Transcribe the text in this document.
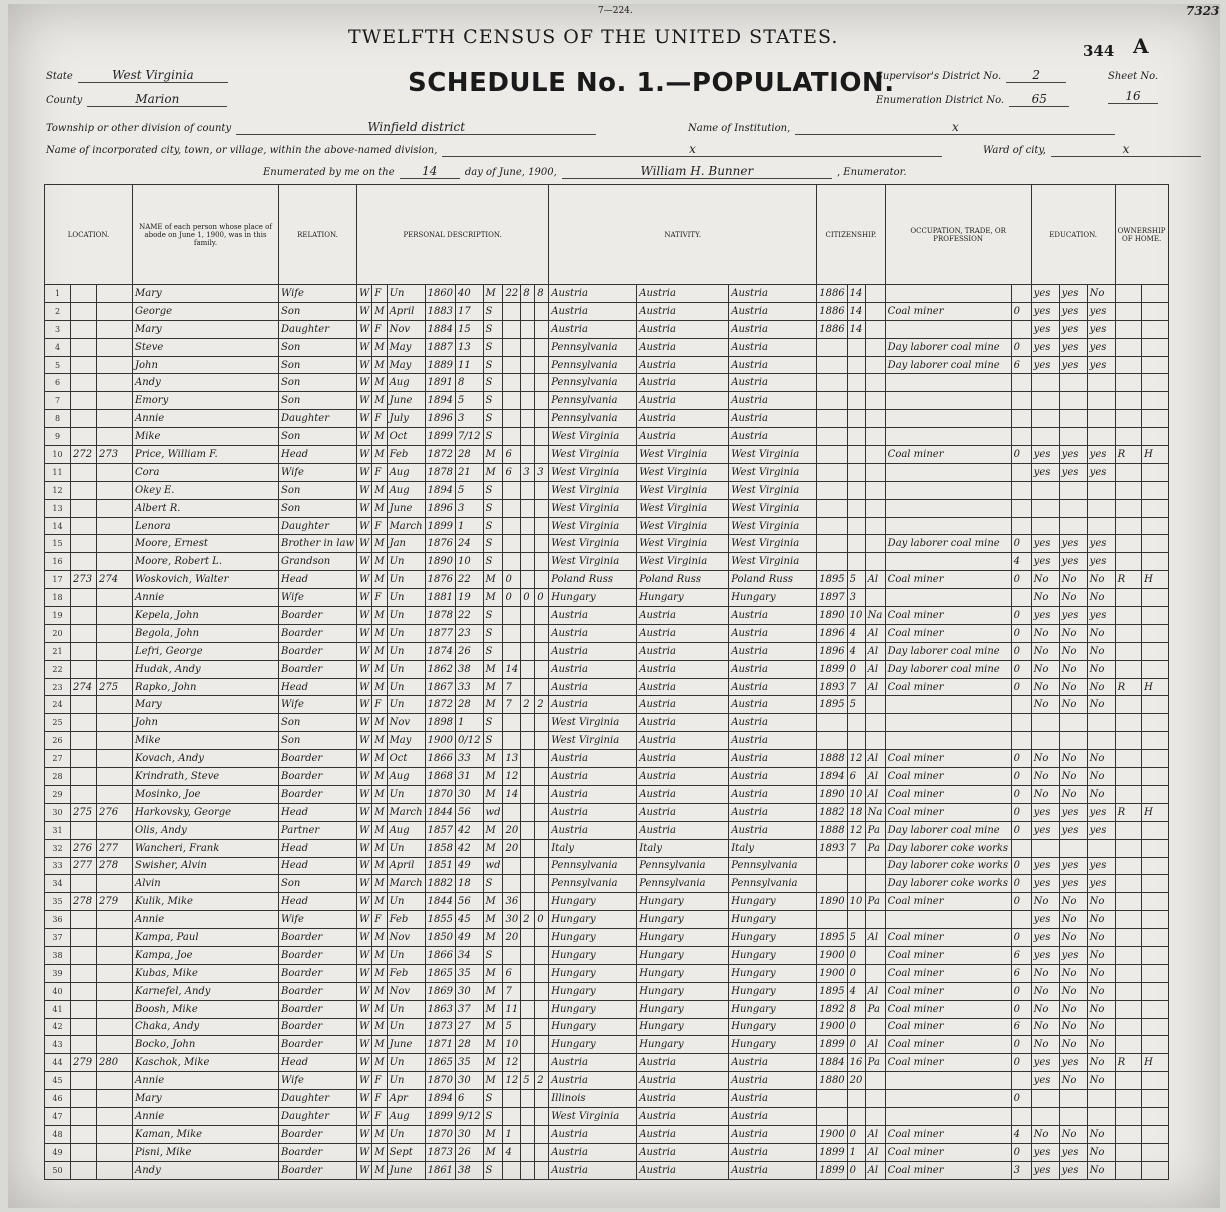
7—224.	7323
TWELFTH CENSUS OF THE UNITED STATES.
SCHEDULE No. 1.—POPULATION.
344 A
State	West Virginia
County	Marion
Supervisor's District No.	2
Enumeration District No. 65
Sheet No.
16
Township or other division of county	Winfield district	Name of Institution,	x
Name of incorporated city, town, or village, within the above-named division,	x	Ward of city,	x
Enumerated by me on the 14	day of June, 1900,	William H. Bunner	, Enumerator.
LOCATION.			NAME of each person whose place of abode on June 1, 1900, was in this family.	RELATION.	PERSONAL DESCRIPTION.									NATIVITY.			CITIZENSHIP.			OCCUPATION, TRADE, OR PROFESSION		EDUCATION.			OWNERSHIP OF HOME.	
1			Mary	Wife	W	F	Un	1860	40	M	22	8	8	Austria	Austria	Austria	1886	14				yes	yes	No		
2			George	Son	W	M	April	1883	17	S				Austria	Austria	Austria	1886	14		Coal miner	0	yes	yes	yes		
3			Mary	Daughter	W	F	Nov	1884	15	S				Austria	Austria	Austria	1886	14				yes	yes	yes		
4			Steve	Son	W	M	May	1887	13	S				Pennsylvania	Austria	Austria				Day laborer coal mine	0	yes	yes	yes		
5			John	Son	W	M	May	1889	11	S				Pennsylvania	Austria	Austria				Day laborer coal mine	6	yes	yes	yes		
6			Andy	Son	W	M	Aug	1891	8	S				Pennsylvania	Austria	Austria										
7			Emory	Son	W	M	June	1894	5	S				Pennsylvania	Austria	Austria										
8			Annie	Daughter	W	F	July	1896	3	S				Pennsylvania	Austria	Austria										
9			Mike	Son	W	M	Oct	1899	7/12	S				West Virginia	Austria	Austria										
10	272	273	Price, William F.	Head	W	M	Feb	1872	28	M	6			West Virginia	West Virginia	West Virginia				Coal miner	0	yes	yes	yes	R	H
11			Cora	Wife	W	F	Aug	1878	21	M	6	3	3	West Virginia	West Virginia	West Virginia						yes	yes	yes		
12			Okey E.	Son	W	M	Aug	1894	5	S				West Virginia	West Virginia	West Virginia										
13			Albert R.	Son	W	M	June	1896	3	S				West Virginia	West Virginia	West Virginia										
14			Lenora	Daughter	W	F	March	1899	1	S				West Virginia	West Virginia	West Virginia										
15			Moore, Ernest	Brother in law	W	M	Jan	1876	24	S				West Virginia	West Virginia	West Virginia				Day laborer coal mine	0	yes	yes	yes		
16			Moore, Robert L.	Grandson	W	M	Un	1890	10	S				West Virginia	West Virginia	West Virginia					4	yes	yes	yes		
17	273	274	Woskovich, Walter	Head	W	M	Un	1876	22	M	0			Poland Russ	Poland Russ	Poland Russ	1895	5	Al	Coal miner	0	No	No	No	R	H
18			Annie	Wife	W	F	Un	1881	19	M	0	0	0	Hungary	Hungary	Hungary	1897	3				No	No	No		
19			Kepela, John	Boarder	W	M	Un	1878	22	S				Austria	Austria	Austria	1890	10	Na	Coal miner	0	yes	yes	yes		
20			Begola, John	Boarder	W	M	Un	1877	23	S				Austria	Austria	Austria	1896	4	Al	Coal miner	0	No	No	No		
21			Lefri, George	Boarder	W	M	Un	1874	26	S				Austria	Austria	Austria	1896	4	Al	Day laborer coal mine	0	No	No	No		
22			Hudak, Andy	Boarder	W	M	Un	1862	38	M	14			Austria	Austria	Austria	1899	0	Al	Day laborer coal mine	0	No	No	No		
23	274	275	Rapko, John	Head	W	M	Un	1867	33	M	7			Austria	Austria	Austria	1893	7	Al	Coal miner	0	No	No	No	R	H
24			Mary	Wife	W	F	Un	1872	28	M	7	2	2	Austria	Austria	Austria	1895	5				No	No	No		
25			John	Son	W	M	Nov	1898	1	S				West Virginia	Austria	Austria										
26			Mike	Son	W	M	May	1900	0/12	S				West Virginia	Austria	Austria										
27			Kovach, Andy	Boarder	W	M	Oct	1866	33	M	13			Austria	Austria	Austria	1888	12	Al	Coal miner	0	No	No	No		
28			Krindrath, Steve	Boarder	W	M	Aug	1868	31	M	12			Austria	Austria	Austria	1894	6	Al	Coal miner	0	No	No	No		
29			Mosinko, Joe	Boarder	W	M	Un	1870	30	M	14			Austria	Austria	Austria	1890	10	Al	Coal miner	0	No	No	No		
30	275	276	Harkovsky, George	Head	W	M	March	1844	56	wd				Austria	Austria	Austria	1882	18	Na	Coal miner	0	yes	yes	yes	R	H
31			Olis, Andy	Partner	W	M	Aug	1857	42	M	20			Austria	Austria	Austria	1888	12	Pa	Day laborer coal mine	0	yes	yes	yes		
32	276	277	Wancheri, Frank	Head	W	M	Un	1858	42	M	20			Italy	Italy	Italy	1893	7	Pa	Day laborer coke works						
33	277	278	Swisher, Alvin	Head	W	M	April	1851	49	wd				Pennsylvania	Pennsylvania	Pennsylvania				Day laborer coke works	0	yes	yes	yes		
34			Alvin	Son	W	M	March	1882	18	S				Pennsylvania	Pennsylvania	Pennsylvania				Day laborer coke works	0	yes	yes	yes		
35	278	279	Kulik, Mike	Head	W	M	Un	1844	56	M	36			Hungary	Hungary	Hungary	1890	10	Pa	Coal miner	0	No	No	No		
36			Annie	Wife	W	F	Feb	1855	45	M	30	2	0	Hungary	Hungary	Hungary						yes	No	No		
37			Kampa, Paul	Boarder	W	M	Nov	1850	49	M	20			Hungary	Hungary	Hungary	1895	5	Al	Coal miner	0	yes	No	No		
38			Kampa, Joe	Boarder	W	M	Un	1866	34	S				Hungary	Hungary	Hungary	1900	0		Coal miner	6	yes	yes	No		
39			Kubas, Mike	Boarder	W	M	Feb	1865	35	M	6			Hungary	Hungary	Hungary	1900	0		Coal miner	6	No	No	No		
40			Karnefel, Andy	Boarder	W	M	Nov	1869	30	M	7			Hungary	Hungary	Hungary	1895	4	Al	Coal miner	0	No	No	No		
41			Boosh, Mike	Boarder	W	M	Un	1863	37	M	11			Hungary	Hungary	Hungary	1892	8	Pa	Coal miner	0	No	No	No		
42			Chaka, Andy	Boarder	W	M	Un	1873	27	M	5			Hungary	Hungary	Hungary	1900	0		Coal miner	6	No	No	No		
43			Bocko, John	Boarder	W	M	June	1871	28	M	10			Hungary	Hungary	Hungary	1899	0	Al	Coal miner	0	No	No	No		
44	279	280	Kaschok, Mike	Head	W	M	Un	1865	35	M	12			Austria	Austria	Austria	1884	16	Pa	Coal miner	0	yes	yes	No	R	H
45			Annie	Wife	W	F	Un	1870	30	M	12	5	2	Austria	Austria	Austria	1880	20				yes	No	No		
46			Mary	Daughter	W	F	Apr	1894	6	S				Illinois	Austria	Austria					0					
47			Annie	Daughter	W	F	Aug	1899	9/12	S				West Virginia	Austria	Austria										
48			Kaman, Mike	Boarder	W	M	Un	1870	30	M	1			Austria	Austria	Austria	1900	0	Al	Coal miner	4	No	No	No		
49			Pisni, Mike	Boarder	W	M	Sept	1873	26	M	4			Austria	Austria	Austria	1899	1	Al	Coal miner	0	yes	yes	No		
50			Andy	Boarder	W	M	June	1861	38	S				Austria	Austria	Austria	1899	0	Al	Coal miner	3	yes	yes	No		
